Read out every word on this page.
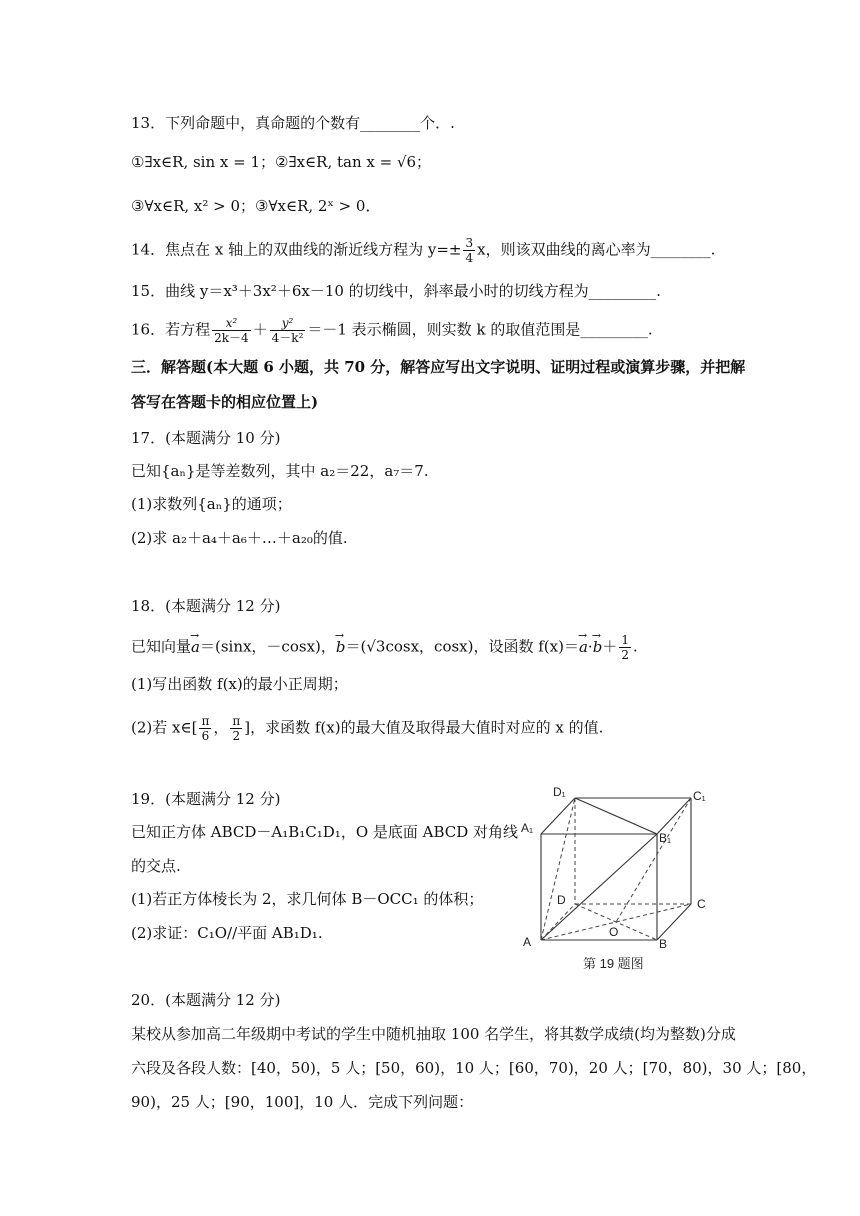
13．下列命题中，真命题的个数有________个．.
①∃x∈R, sin x = 1；②∃x∈R, tan x = √6；
③∀x∈R, x² > 0；③∀x∈R, 2ˣ > 0．
14．焦点在 x 轴上的双曲线的渐近线方程为 $y=\pm \frac{3}{4}$ x，则该双曲线的离心率为________.
15．曲线 y＝x³＋3x²＋6x－10 的切线中，斜率最小时的切线方程为_________.
16．若方程 $\frac{\text{x²}}{2k-4} + \frac{\text{y²}}{\text{4－k²}} =-1$ 表示椭圆，则实数 k 的取值范围是_________.
三．解答题(本大题 6 小题，共 70 分，解答应写出文字说明、证明过程或演算步骤，并把解
答写在答题卡的相应位置上)
17．(本题满分 10 分)
已知{aₙ}是等差数列，其中 a₂＝22，a₇＝7.
(1)求数列{aₙ}的通项；
(2)求 a₂＋a₄＋a₆＋…＋a₂₀的值.
18．(本题满分 12 分)
已知向量→ a＝(sinx，－cosx)，→ b＝(√3cosx，cosx)，设函数 $f(x)=\to a\cdot\to b+ \frac{1}{2}$ .
(1)写出函数 f(x)的最小正周期；
(2)若 x∈[ $\frac{\pi}{6}$ ， $\frac{\pi}{2}$ ]，求函数 f(x)的最大值及取得最大值时对应的 x 的值.
19．(本题满分 12 分)
已知正方体 ABCD－A₁B₁C₁D₁，O 是底面 ABCD 对角线
的交点.
(1)若正方体棱长为 2，求几何体 B－OCC₁ 的体积；
(2)求证：C₁O//平面 AB₁D₁.
D₁	C₁
A₁
B₁
D	C
A	B
O
第 19 题图
20．(本题满分 12 分)
某校从参加高二年级期中考试的学生中随机抽取 100 名学生，将其数学成绩(均为整数)分成
六段及各段人数：[40，50)，5 人；[50，60)，10 人；[60，70)，20 人；[70，80)，30 人；[80，
90)，25 人；[90，100]，10 人．完成下列问题：
